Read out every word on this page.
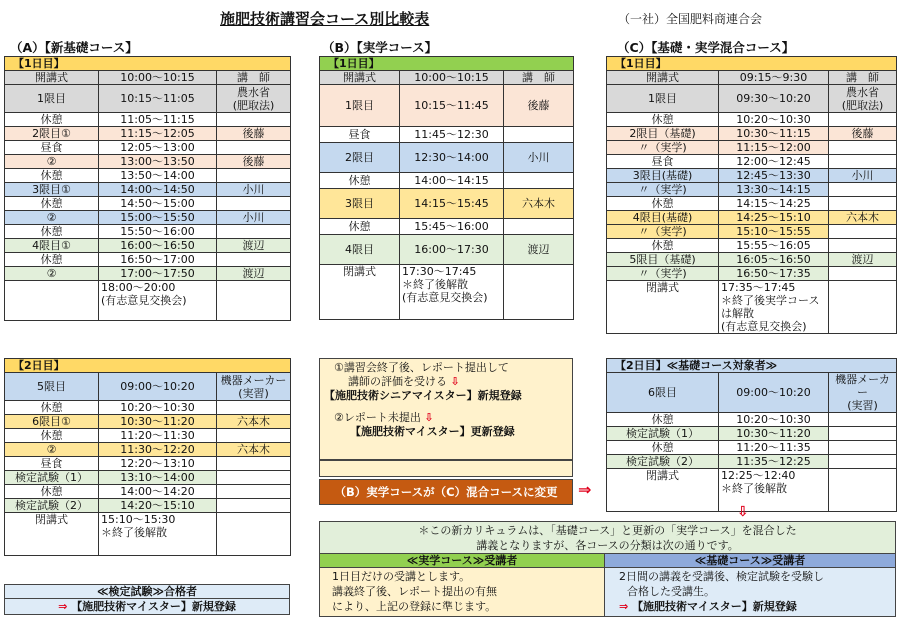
施肥技術講習会コース別比較表	（一社）全国肥料商連合会
（A）【新基礎コース】	（B）【実学コース】	（C）【基礎・実学混合コース】
【1日目】		
開講式	10:00～10:15	講　師
1限目	10:15～11:05	農水省
(肥取法)
休憩	11:05～11:15	
2限目①	11:15～12:05	後藤
昼食	12:05～13:00	
②	13:00～13:50	後藤
休憩	13:50～14:00	
3限目①	14:00～14:50	小川
休憩	14:50～15:00	
②	15:00～15:50	小川
休憩	15:50～16:00	
4限目①	16:00～16:50	渡辺
休憩	16:50～17:00	
②	17:00～17:50	渡辺
	18:00～20:00
(有志意見交換会)	
【2日目】		
5限目	09:00～10:20	機器メーカー
(実習)
休憩	10:20～10:30	
6限目①	10:30～11:20	六本木
休憩	11:20～11:30	
②	11:30～12:20	六本木
昼食	12:20～13:10	
検定試験（1）	13:10～14:00	
休憩	14:00～14:20	
検定試験（2）	14:20～15:10	
閉講式	15:10～15:30
＊終了後解散	
【1日目】		
開講式	10:00～10:15	講　師
1限目	10:15～11:45	後藤
昼食	11:45～12:30	
2限目	12:30～14:00	小川
休憩	14:00～14:15	
3限目	14:15～15:45	六本木
休憩	15:45～16:00	
4限目	16:00～17:30	渡辺
閉講式	17:30～17:45
＊終了後解散
(有志意見交換会)	
【1日目】		
開講式	09:15～9:30	講　師
1限目	09:30～10:20	農水省
(肥取法)
休憩	10:20～10:30	
2限目（基礎)	10:30～11:15	後藤
〃（実学)	11:15～12:00	
昼食	12:00～12:45	
3限目(基礎)	12:45～13:30	小川
〃（実学)	13:30～14:15	
休憩	14:15～14:25	
4限目(基礎)	14:25～15:10	六本木
〃（実学)	15:10～15:55	
休憩	15:55～16:05	
5限目（基礎)	16:05～16:50	渡辺
〃（実学)	16:50～17:35	
閉講式	17:35～17:45
＊終了後実学コースは解散
(有志意見交換会)	
【2日目】≪基礎コース対象者≫		
6限目	09:00～10:20	機器メーカー
(実習)
休憩	10:20～10:30	
検定試験（1）	10:30～11:20	
休憩	11:20～11:35	
検定試験（2）	11:35～12:25	
閉講式	12:25～12:40
＊終了後解散	
①講習会終了後、レポート提出して
講師の評価を受ける ⇩
【施肥技術シニアマイスター】新規登録
②レポート未提出 ⇩
【施肥技術マイスター】更新登録
（B）実学コースが（C）混合コースに変更	⇒
⇩
＊この新カリキュラムは、「基礎コース」と更新の「実学コース」を混合した
講義となりますが、各コースの分類は次の通りです。
≪実学コース≫受講者
1日目だけの受講とします。
講義終了後、レポート提出の有無
により、上記の登録に準じます。
≪基礎コース≫受講者
2日間の講義を受講後、検定試験を受験し
合格した受講生。
⇒ 【施肥技術マイスター】新規登録
≪検定試験≫合格者
⇒ 【施肥技術マイスター】新規登録
